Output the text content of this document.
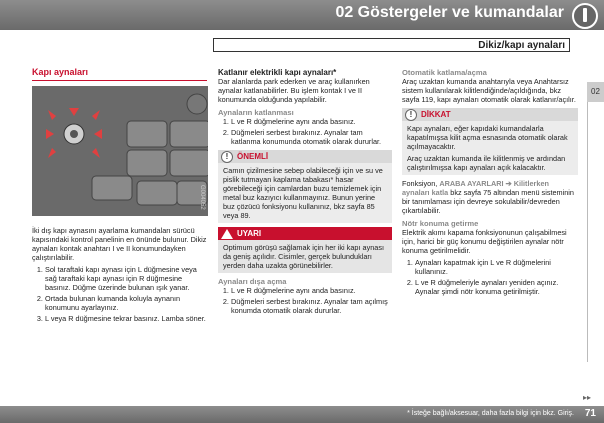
02 Göstergeler ve kumandalar
Dikiz/kapı aynaları
02
Kapı aynaları
G004052

İki dış kapı aynasını ayarlama kumandaları sürücü kapısındaki kontrol panelinin en önünde bulunur. Dikiz aynaları kontak anahtarı I ve II konumundayken çalıştırılabilir.

1. Sol taraftaki kapı aynası için L düğmesine veya sağ taraftaki kapı aynası için R düğmesine basınız. Düğme üzerinde bulunan ışık yanar.
2. Ortada bulunan kumanda koluyla aynanın konumunu ayarlayınız.
3. L veya R düğmesine tekrar basınız. Lamba söner.
Katlanır elektrikli kapı aynaları*

Dar alanlarda park ederken ve araç kullanırken aynalar katlanabilirler. Bu işlem kontak I ve II konumunda olduğunda yapılabilir.

Aynaların katlanması
1. L ve R düğmelerine aynı anda basınız.
2. Düğmeleri serbest bırakınız. Aynalar tam katlanma konumunda otomatik olarak dururlar.
!	ÖNEMLİ
Camın çizilmesine sebep olabileceği için ve su ve pislik tutmayan kaplama tabakası* hasar görebileceği için camlardan buzu temizlemek için metal buz kazıyıcı kullanmayınız. Bunun yerine buz çözücü fonksiyonu kullanınız, bkz sayfa 85 veya 89.
UYARI
Optimum görüşü sağlamak için her iki kapı aynası da geniş açılıdır. Cisimler, gerçek bulundukları yerden daha uzakta görünebilirler.
Aynaları dışa açma
1. L ve R düğmelerine aynı anda basınız.
2. Düğmeleri serbest bırakınız. Aynalar tam açılmış konumda otomatik olarak dururlar.
Otomatik katlama/açma

Araç uzaktan kumanda anahtarıyla veya Anahtarsız sistem kullanılarak kilitlendiğinde/açıldığında, bkz sayfa 119, kapı aynaları otomatik olarak katlanır/açılır.

!	DİKKAT

Kapı aynaları, eğer kapıdaki kumandalarla kapatılmışsa kilit açma esnasında otomatik olarak açılmayacaktır.

Araç uzaktan kumanda ile kilitlenmiş ve ardından çalıştırılmışsa kapı aynaları açık kalacaktır.

Fonksiyon, ARABA AYARLARI ➔ Kilitlerken aynaları katla bkz sayfa 75 altından menü sisteminin bir tanımlaması için devreye sokulabilir/devreden çıkartılabilir.

Nötr konuma getirme

Elektrik akımı kapama fonksiyonunun çalışabilmesi için, harici bir güç konumu değiştirilen aynalar nötr konuma getirilmelidir.

1. Aynaları kapatmak için L ve R düğmelerini kullanınız.
2. L ve R düğmeleriyle aynaları yeniden açınız. Aynalar şimdi nötr konuma getirilmiştir.
▸▸
* İsteğe bağlı/aksesuar, daha fazla bilgi için bkz. Giriş. 71
